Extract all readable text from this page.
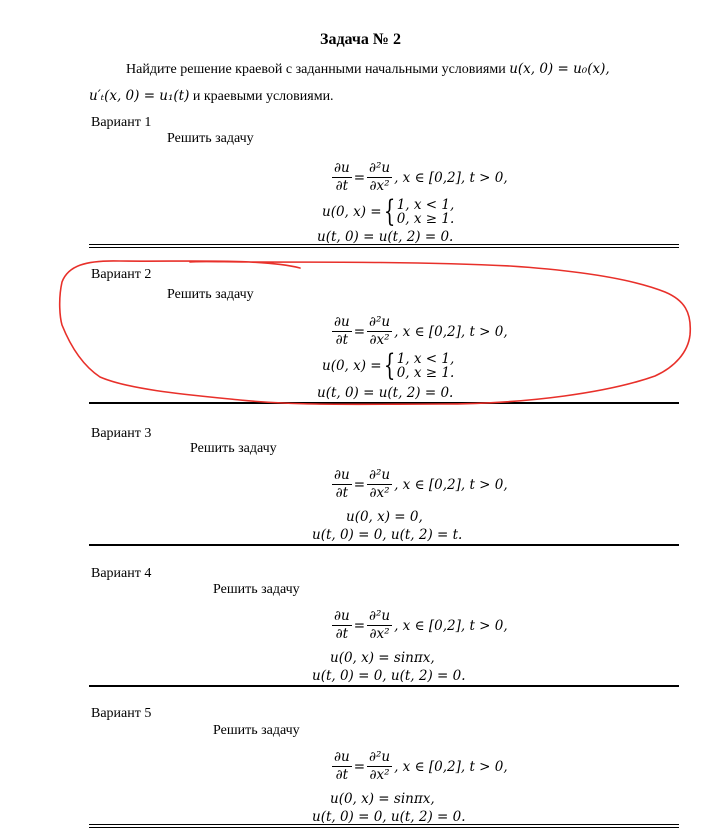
Задача № 2
Найдите решение краевой с заданными начальными условиями u(x, 0) = u₀(x),
u′ₜ(x, 0) = u₁(t) и краевыми условиями.
Вариант 1
Решить задачу
$\frac{\partial u}{\partial t} = \frac{\text{∂²u}}{\text{∂x²}}$ , x ∈ [0,2], t > 0,
u(0, x) = { 1, x < 1,
0, x ≥ 1.
u(t, 0) = u(t, 2) = 0.
Вариант 2
Решить задачу
$\frac{\partial u}{\partial t} = \frac{\text{∂²u}}{\text{∂x²}}$ , x ∈ [0,2], t > 0,
u(0, x) = { 1, x < 1,
0, x ≥ 1.
u(t, 0) = u(t, 2) = 0.
Вариант 3
Решить задачу
$\frac{\partial u}{\partial t} = \frac{\text{∂²u}}{\text{∂x²}}$ , x ∈ [0,2], t > 0,
u(0, x) = 0,
u(t, 0) = 0, u(t, 2) = t.
Вариант 4
Решить задачу
$\frac{\partial u}{\partial t} = \frac{\text{∂²u}}{\text{∂x²}}$ , x ∈ [0,2], t > 0,
u(0, x) = sinπx,
u(t, 0) = 0, u(t, 2) = 0.
Вариант 5
Решить задачу
$\frac{\partial u}{\partial t} = \frac{\text{∂²u}}{\text{∂x²}}$ , x ∈ [0,2], t > 0,
u(0, x) = sinπx,
u(t, 0) = 0, u(t, 2) = 0.
